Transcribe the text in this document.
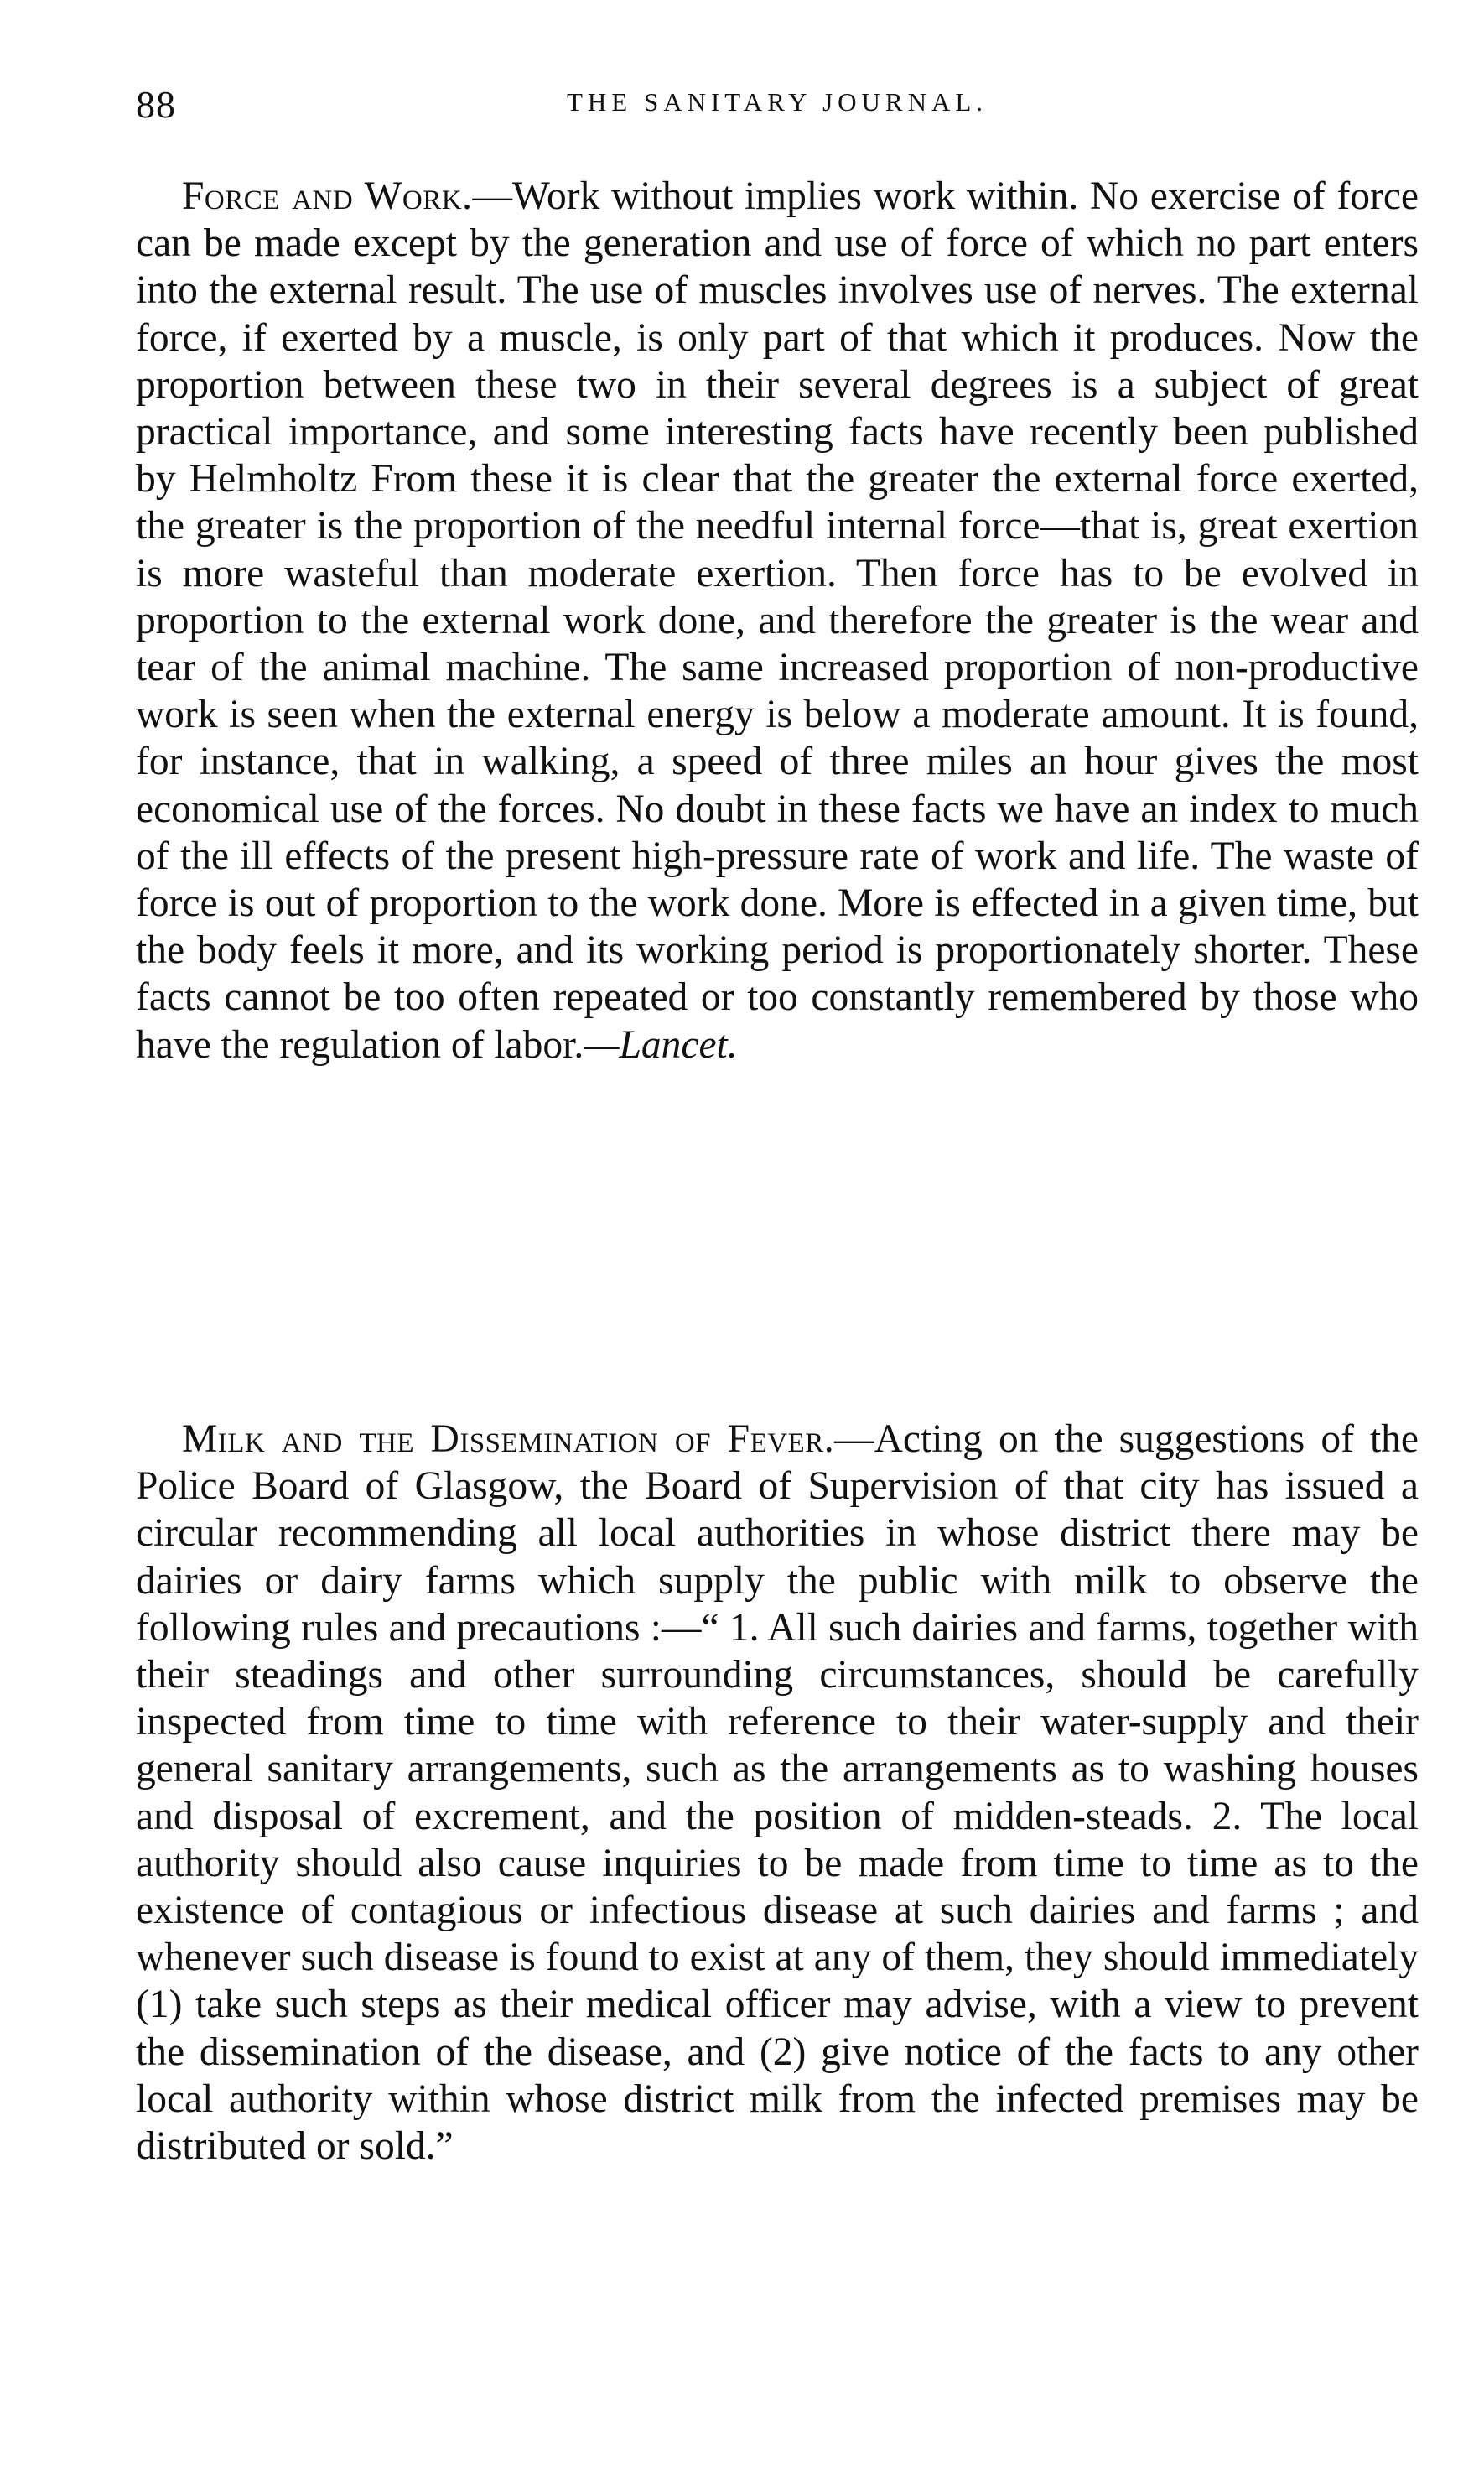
88	THE SANITARY JOURNAL.

Force and Work.—Work without implies work within. No exercise of force can be made except by the generation and use of force of which no part enters into the external result. The use of muscles involves use of nerves. The external force, if exerted by a muscle, is only part of that which it produces. Now the proportion between these two in their several degrees is a subject of great practical importance, and some interesting facts have recently been published by Helmholtz From these it is clear that the greater the external force exerted, the greater is the proportion of the needful internal force—that is, great exertion is more wasteful than moderate exertion. Then force has to be evolved in proportion to the external work done, and therefore the greater is the wear and tear of the animal machine. The same increased proportion of non-productive work is seen when the external energy is below a moderate amount. It is found, for instance, that in walking, a speed of three miles an hour gives the most economical use of the forces. No doubt in these facts we have an index to much of the ill effects of the present high-pressure rate of work and life. The waste of force is out of proportion to the work done. More is effected in a given time, but the body feels it more, and its working period is proportionately shorter. These facts cannot be too often repeated or too constantly remembered by those who have the regulation of labor.—Lancet.

Milk and the Dissemination of Fever.—Acting on the suggestions of the Police Board of Glasgow, the Board of Supervision of that city has issued a circular recommending all local authorities in whose district there may be dairies or dairy farms which supply the public with milk to observe the following rules and precautions :—“ 1. All such dairies and farms, together with their steadings and other surrounding circumstances, should be carefully inspected from time to time with reference to their water-supply and their general sanitary arrangements, such as the arrangements as to washing houses and disposal of excrement, and the position of midden-steads. 2. The local authority should also cause inquiries to be made from time to time as to the existence of contagious or infectious disease at such dairies and farms ; and whenever such disease is found to exist at any of them, they should immediately (1) take such steps as their medical officer may advise, with a view to prevent the dissemination of the disease, and (2) give notice of the facts to any other local authority within whose district milk from the infected premises may be distributed or sold.”
